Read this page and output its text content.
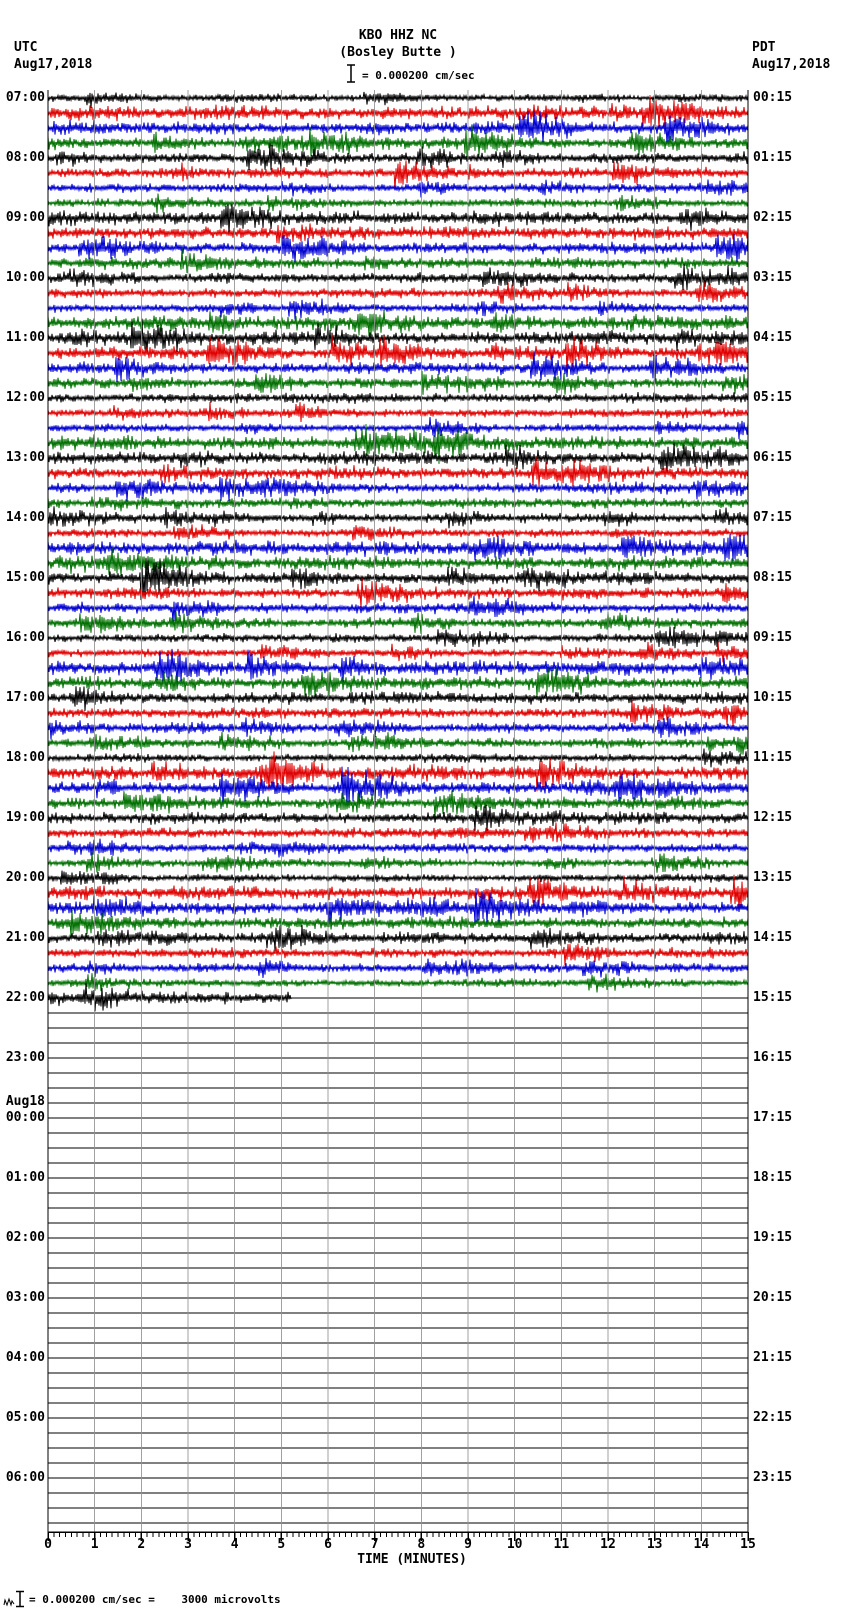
UTC
Aug17,2018
PDT
Aug17,2018
KBO HHZ NC
(Bosley Butte )
= 0.000200 cm/sec
07:00
08:00
09:00
10:00
11:00
12:00
13:00
14:00
15:00
16:00
17:00
18:00
19:00
20:00
21:00
22:00
23:00
00:00
01:00
02:00
03:00
04:00
05:00
06:00
00:15
01:15
02:15
03:15
04:15
05:15
06:15
07:15
08:15
09:15
10:15
11:15
12:15
13:15
14:15
15:15
16:15
17:15
18:15
19:15
20:15
21:15
22:15
23:15
0	1	2	3	4	5	6	7	8	9	10 11 12 13 14 15
Aug18
TIME (MINUTES)
= 0.000200 cm/sec =    3000 microvolts
